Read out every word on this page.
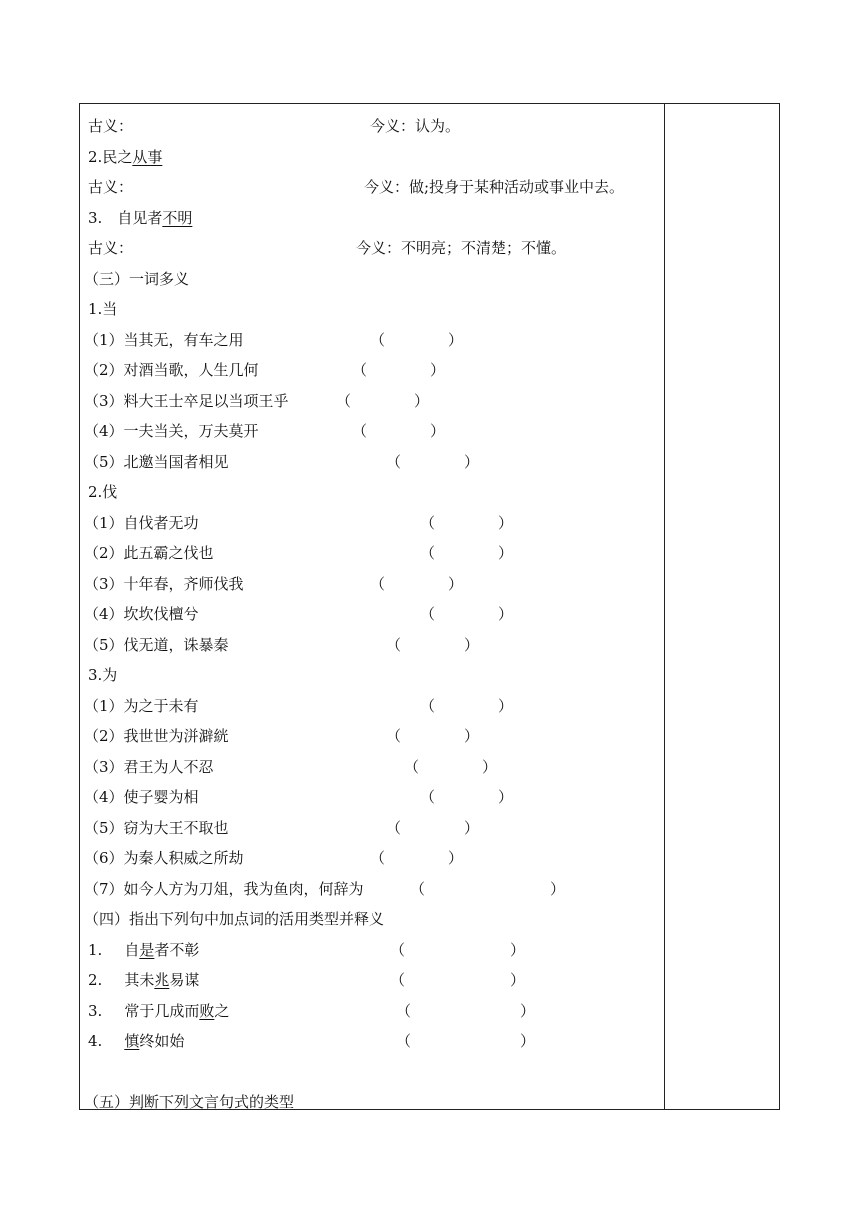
古义：	今义：认为。
2.民之从事
古义：	今义：做;投身于某种活动或事业中去。
3. 自见者不明
古义：	今义：不明亮；不清楚；不懂。
（三）一词多义
1.当
（1）当其无，有车之用	（	）
（2）对酒当歌，人生几何	（	）
（3）料大王士卒足以当项王乎	（	）
（4）一夫当关，万夫莫开	（	）
（5）北邀当国者相见	（	）
2.伐
（1）自伐者无功	（	）
（2）此五霸之伐也	（	）
（3）十年春，齐师伐我	（	）
（4）坎坎伐檀兮	（	）
（5）伐无道，诛暴秦	（	）
3.为
（1）为之于未有	（	）
（2）我世世为洴澼絖	（	）
（3）君王为人不忍	（	）
（4）使子婴为相	（	）
（5）窃为大王不取也	（	）
（6）为秦人积威之所劫	（	）
（7）如今人方为刀俎，我为鱼肉，何辞为	（	）
（四）指出下列句中加点词的活用类型并释义
1. 自是者不彰	（	）
2. 其未兆易谋	（	）
3. 常于几成而败之	（	）
4. 慎终如始	（	）
（五）判断下列文言句式的类型
